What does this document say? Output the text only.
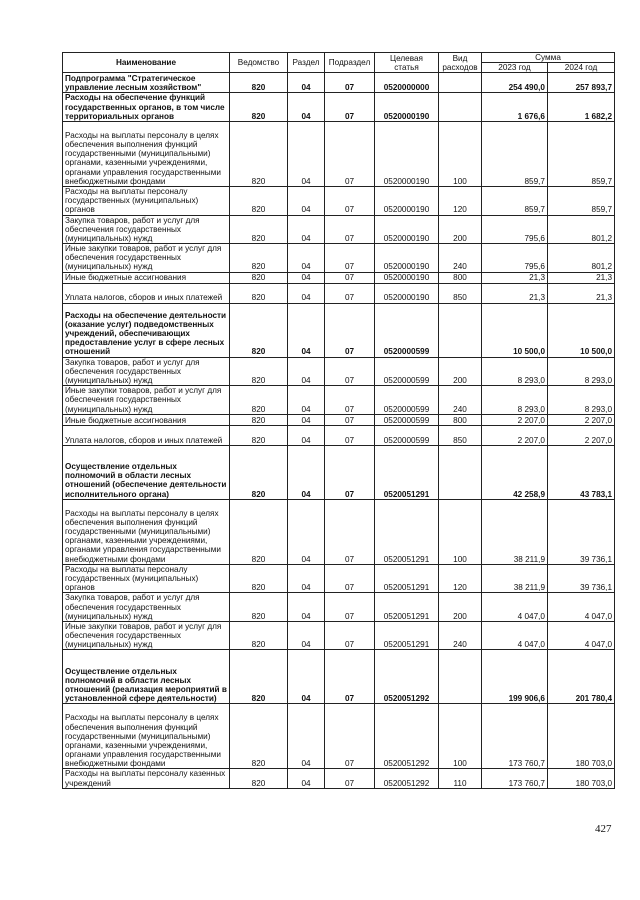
Наименование	Ведомство	Раздел	Подраздел	Целевая статья	Вид расходов	Сумма	
						2023 год	2024 год
Подпрограмма "Стратегическое управление лесным хозяйством"	820	04	07	0520000000		254 490,0	257 893,7
Расходы на обеспечение функций государственных органов, в том числе территориальных органов	820	04	07	0520000190		1 676,6	1 682,2
Расходы на выплаты персоналу в целях обеспечения выполнения функций государственными (муниципальными) органами, казенными учреждениями, органами управления государственными внебюджетными фондами	820	04	07	0520000190	100	859,7	859,7
Расходы на выплаты персоналу государственных (муниципальных) органов	820	04	07	0520000190	120	859,7	859,7
Закупка товаров, работ и услуг для обеспечения государственных (муниципальных) нужд	820	04	07	0520000190	200	795,6	801,2
Иные закупки товаров, работ и услуг для обеспечения государственных (муниципальных) нужд	820	04	07	0520000190	240	795,6	801,2
Иные бюджетные ассигнования	820	04	07	0520000190	800	21,3	21,3
Уплата налогов, сборов и иных платежей	820	04	07	0520000190	850	21,3	21,3
Расходы на обеспечение деятельности (оказание услуг) подведомственных учреждений, обеспечивающих предоставление услуг в сфере лесных отношений	820	04	07	0520000599		10 500,0	10 500,0
Закупка товаров, работ и услуг для обеспечения государственных (муниципальных) нужд	820	04	07	0520000599	200	8 293,0	8 293,0
Иные закупки товаров, работ и услуг для обеспечения государственных (муниципальных) нужд	820	04	07	0520000599	240	8 293,0	8 293,0
Иные бюджетные ассигнования	820	04	07	0520000599	800	2 207,0	2 207,0
Уплата налогов, сборов и иных платежей	820	04	07	0520000599	850	2 207,0	2 207,0
Осуществление отдельных полномочий в области лесных отношений (обеспечение деятельности исполнительного органа)	820	04	07	0520051291		42 258,9	43 783,1
Расходы на выплаты персоналу в целях обеспечения выполнения функций государственными (муниципальными) органами, казенными учреждениями, органами управления государственными внебюджетными фондами	820	04	07	0520051291	100	38 211,9	39 736,1
Расходы на выплаты персоналу государственных (муниципальных) органов	820	04	07	0520051291	120	38 211,9	39 736,1
Закупка товаров, работ и услуг для обеспечения государственных (муниципальных) нужд	820	04	07	0520051291	200	4 047,0	4 047,0
Иные закупки товаров, работ и услуг для обеспечения государственных (муниципальных) нужд	820	04	07	0520051291	240	4 047,0	4 047,0
Осуществление отдельных полномочий в области лесных отношений (реализация мероприятий в установленной сфере деятельности)	820	04	07	0520051292		199 906,6	201 780,4
Расходы на выплаты персоналу в целях обеспечения выполнения функций государственными (муниципальными) органами, казенными учреждениями, органами управления государственными внебюджетными фондами	820	04	07	0520051292	100	173 760,7	180 703,0
Расходы на выплаты персоналу казенных учреждений	820	04	07	0520051292	110	173 760,7	180 703,0
427
